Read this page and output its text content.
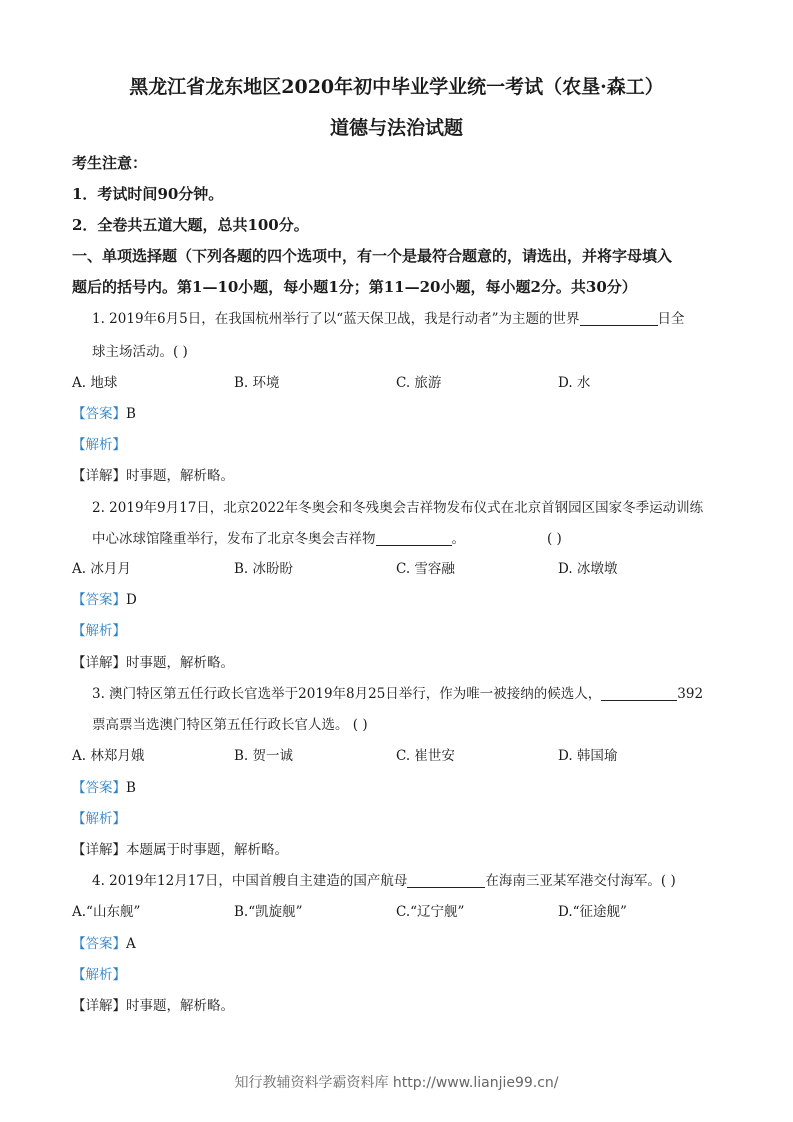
黑龙江省龙东地区2020年初中毕业学业统一考试（农垦·森工）
道德与法治试题
考生注意：
1．考试时间90分钟。
2．全卷共五道大题，总共100分。
一、单项选择题（下列各题的四个选项中，有一个是最符合题意的，请选出，并将字母填入
题后的括号内。第1—10小题，每小题1分；第11—20小题，每小题2分。共30分）
1. 2019年6月5日，在我国杭州举行了以“蓝天保卫战，我是行动者”为主题的世界	日全
球主场活动。( )
A. 地球	B. 环境	C. 旅游	D. 水
【答案】B
【解析】
【详解】时事题，解析略。
2. 2019年9月17日，北京2022年冬奥会和冬残奥会吉祥物发布仪式在北京首钢园区国家冬季运动训练
中心冰球馆隆重举行，发布了北京冬奥会吉祥物	。	( )
A. 冰月月	B. 冰盼盼	C. 雪容融	D. 冰墩墩
【答案】D
【解析】
【详解】时事题，解析略。
3. 澳门特区第五任行政长官选举于2019年8月25日举行，作为唯一被接纳的候选人，	392
票高票当选澳门特区第五任行政长官人选。 ( )
A. 林郑月娥	B. 贺一诚	C. 崔世安	D. 韩国瑜
【答案】B
【解析】
【详解】本题属于时事题，解析略。
4. 2019年12月17日，中国首艘自主建造的国产航母	在海南三亚某军港交付海军。( )
A.“山东舰”	B.“凯旋舰”	C.“辽宁舰”	D.“征途舰”
【答案】A
【解析】
【详解】时事题，解析略。
知行教辅资料学霸资料库 http://www.lianjie99.cn/
